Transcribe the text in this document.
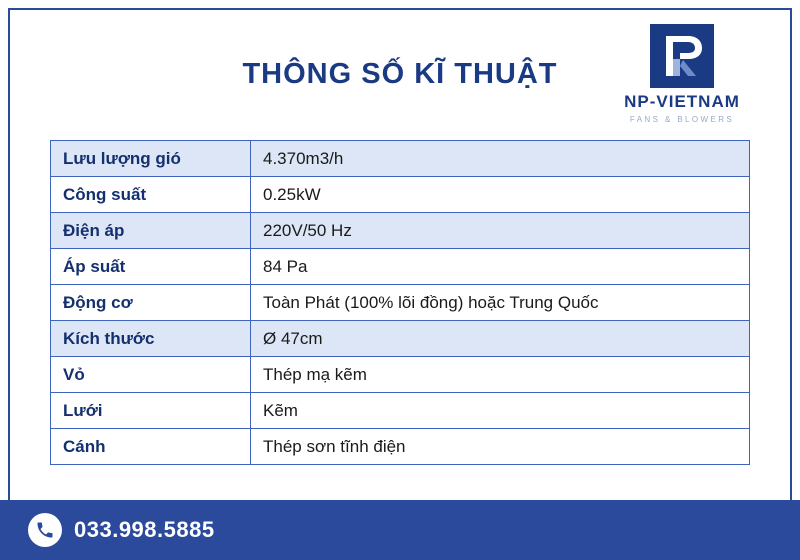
THÔNG SỐ KĨ THUẬT
NP-VIETNAM
FANS & BLOWERS
Lưu lượng gió	4.370m3/h
Công suất	0.25kW
Điện áp	220V/50 Hz
Áp suất	84 Pa
Động cơ	Toàn Phát (100% lõi đồng) hoặc Trung Quốc
Kích thước	Ø 47cm
Vỏ	Thép mạ kẽm
Lưới	Kẽm
Cánh	Thép sơn tĩnh điện
033.998.5885
